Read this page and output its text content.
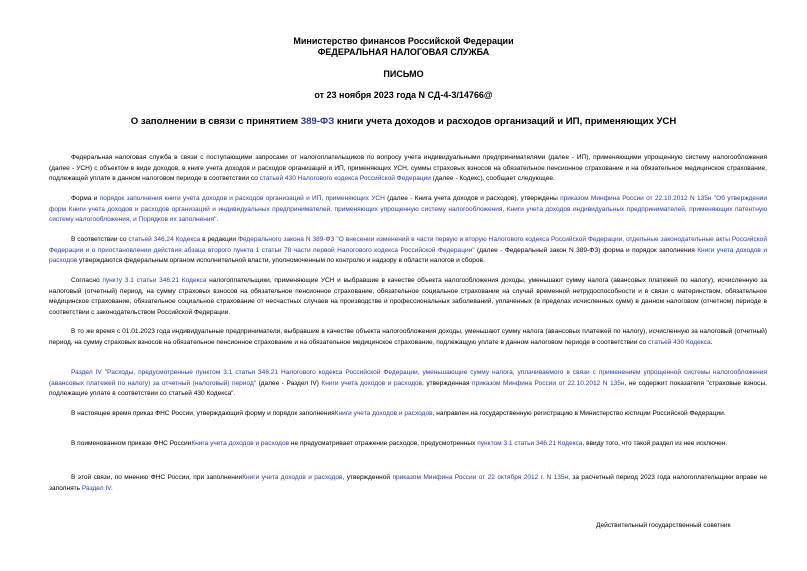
Министерство финансов Российской Федерации
ФЕДЕРАЛЬНАЯ НАЛОГОВАЯ СЛУЖБА
ПИСЬМО
от 23 ноября 2023 года N СД-4-3/14766@
О заполнении в связи с принятием 389-ФЗ книги учета доходов и расходов организаций и ИП, применяющих УСН

Федеральная налоговая служба в связи с поступающими запросами от налогоплательщиков по вопросу учета индивидуальными предпринимателями (далее - ИП), применяющими упрощенную систему налогообложения (далее - УСН) с объектом в виде доходов, в книге учета доходов и расходов организаций и ИП, применяющих УСН, суммы страховых взносов на обязательное пенсионное страхование и на обязательное медицинское страхование, подлежащей уплате в данном налоговом периоде в соответствии со статьей 430 Налогового кодекса Российской Федерации (далее - Кодекс), сообщает следующее.

Форма и порядок заполнения книги учета доходов и расходов организаций и ИП, применяющих УСН (далее - Книга учета доходов и расходов), утверждены приказом Минфина России от 22.10.2012 N 135н "Об утверждении форм Книги учета доходов и расходов организаций и индивидуальных предпринимателей, применяющих упрощенную систему налогообложения, Книги учета доходов индивидуальных предпринимателей, применяющих патентную систему налогообложения, и Порядков их заполнения".

В соответствии со статьей 346.24 Кодекса в редакции Федерального закона N 389-ФЗ "О внесении изменений в части первую и вторую Налогового кодекса Российской Федерации, отдельные законодательные акты Российской Федерации и о приостановлении действия абзаца второго пункта 1 статьи 78 части первой Налогового кодекса Российской Федерации" (далее - Федеральный закон N 389-ФЗ) форма и порядок заполнения Книги учета доходов и расходов утверждаются федеральным органом исполнительной власти, уполномоченным по контролю и надзору в области налогов и сборов.

Согласно пункту 3.1 статьи 346.21 Кодекса налогоплательщики, применяющие УСН и выбравшие в качестве объекта налогообложения доходы, уменьшают сумму налога (авансовых платежей по налогу), исчисленную за налоговый (отчетный) период, на сумму страховых взносов на обязательное пенсионное страхование, обязательное социальное страхование на случай временной нетрудоспособности и в связи с материнством, обязательное медицинское страхование, обязательное социальное страхование от несчастных случаев на производстве и профессиональных заболеваний, уплаченных (в пределах исчисленных сумм) в данном налоговом (отчетном) периоде в соответствии с законодательством Российской Федерации.

В то же время с 01.01.2023 года индивидуальные предприниматели, выбравшие в качестве объекта налогообложения доходы, уменьшают сумму налога (авансовых платежей по налогу), исчисленную за налоговый (отчетный) период, на сумму страховых взносов на обязательное пенсионное страхование и на обязательное медицинское страхование, подлежащую уплате в данном налоговом периоде в соответствии со статьей 430 Кодекса.

Раздел IV "Расходы, предусмотренные пунктом 3.1 статьи 346.21 Налогового кодекса Российской Федерации, уменьшающие сумму налога, уплачиваемого в связи с применением упрощенной системы налогообложения (авансовых платежей по налогу) за отчетный (налоговый) период" (далее - Раздел IV) Книги учета доходов и расходов, утвержденная приказом Минфина России от 22.10.2012 N 135н, не содержит показателя "страховые взносы, подлежащие уплате в соответствии со статьей 430 Кодекса".

В настоящее время приказ ФНС России, утверждающий форму и порядок заполненияКниги учета доходов и расходов, направлен на государственную регистрацию в Министерство юстиции Российской Федерации.

В поименованном приказе ФНС РоссииКнига учета доходов и расходов не предусматривает отражение расходов, предусмотренных пунктом 3.1 статьи 346.21 Кодекса, ввиду того, что такой раздел из нее исключен.

В этой связи, по мнению ФНС России, при заполненииКниги учета доходов и расходов, утвержденной приказом Минфина России от 22 октября 2012 г. N 135н, за расчетный период 2023 года налогоплательщики вправе не заполнять Раздел IV.

Действительный государственный советник
